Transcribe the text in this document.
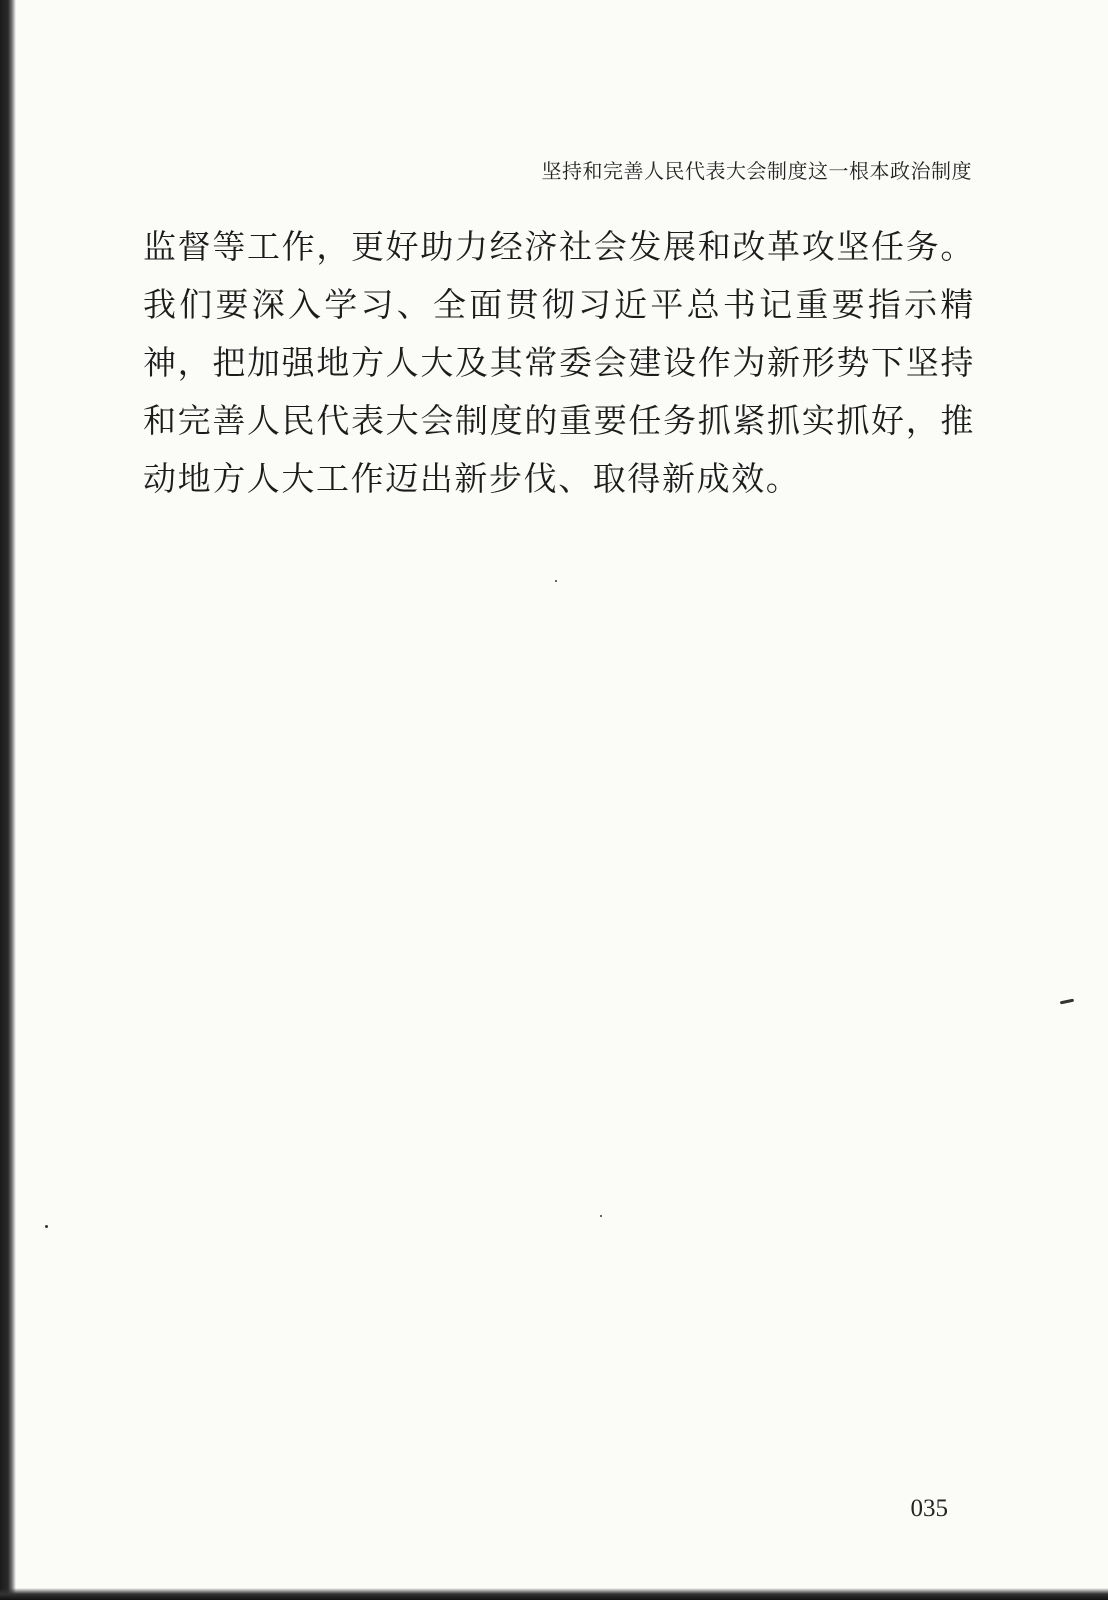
坚持和完善人民代表大会制度这一根本政治制度

监督等工作，更好助力经济社会发展和改革攻坚任务。我们要深入学习、全面贯彻习近平总书记重要指示精神，把加强地方人大及其常委会建设作为新形势下坚持和完善人民代表大会制度的重要任务抓紧抓实抓好，推动地方人大工作迈出新步伐、取得新成效。

035
